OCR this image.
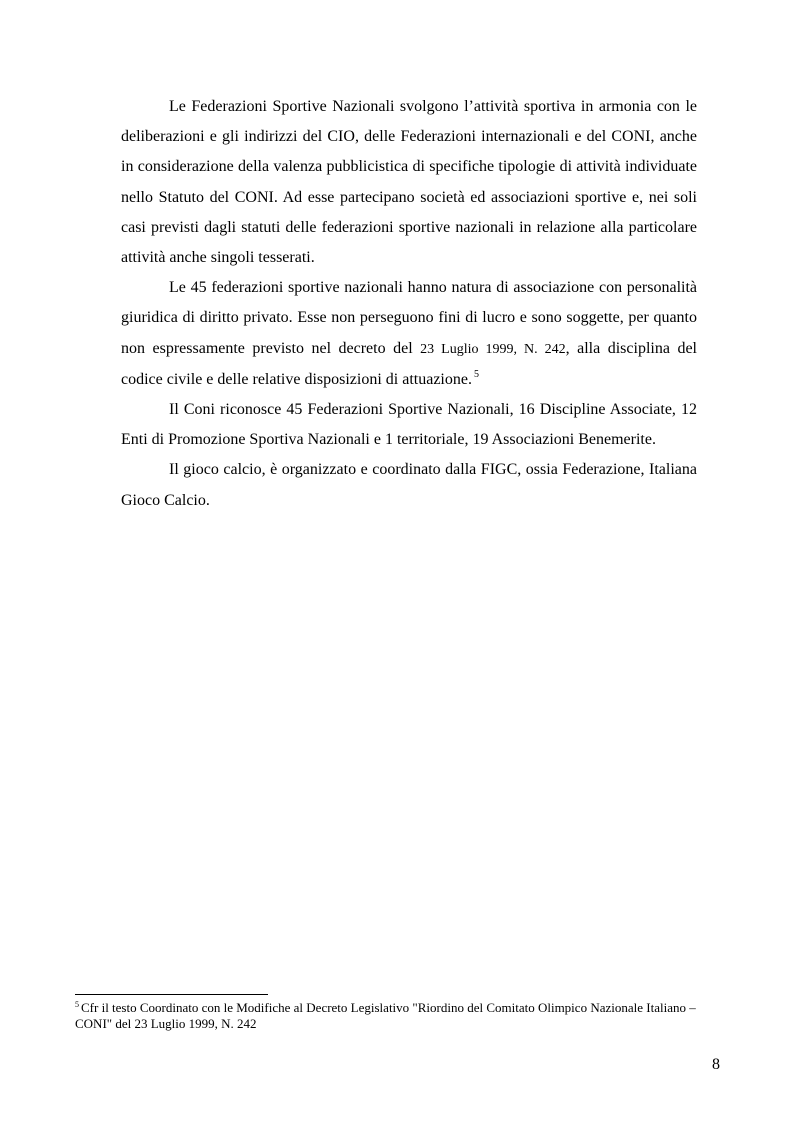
Le Federazioni Sportive Nazionali svolgono l’attività sportiva in armonia con le deliberazioni e gli indirizzi del CIO, delle Federazioni internazionali e del CONI, anche in considerazione della valenza pubblicistica di specifiche tipologie di attività individuate nello Statuto del CONI. Ad esse partecipano società ed associazioni sportive e, nei soli casi previsti dagli statuti delle federazioni sportive nazionali in relazione alla particolare attività anche singoli tesserati.

Le 45 federazioni sportive nazionali hanno natura di associazione con personalità giuridica di diritto privato. Esse non perseguono fini di lucro e sono soggette, per quanto non espressamente previsto nel decreto del 23 Luglio 1999, N. 242, alla disciplina del codice civile e delle relative disposizioni di attuazione. $^5$

Il Coni riconosce 45 Federazioni Sportive Nazionali, 16 Discipline Associate, 12 Enti di Promozione Sportiva Nazionali e 1 territoriale, 19 Associazioni Benemerite.

Il gioco calcio, è organizzato e coordinato dalla FIGC, ossia Federazione, Italiana Gioco Calcio.

$^5$ Cfr il testo Coordinato con le Modifiche al Decreto Legislativo "Riordino del Comitato Olimpico Nazionale Italiano – CONI" del 23 Luglio 1999, N. 242
8
